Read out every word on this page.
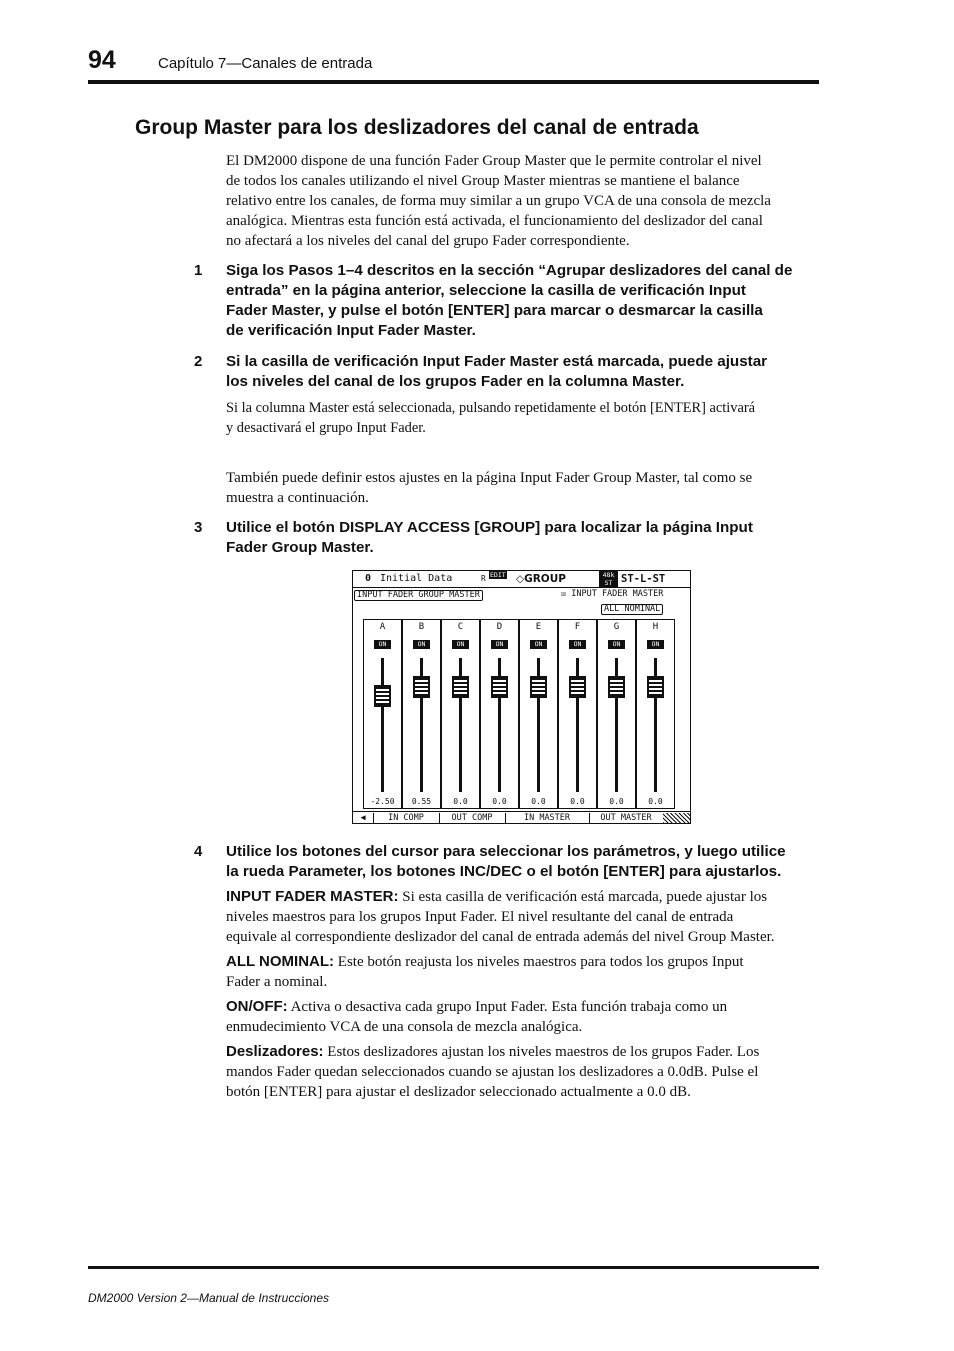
94	Capítulo 7—Canales de entrada
Group Master para los deslizadores del canal de entrada
El DM2000 dispone de una función Fader Group Master que le permite controlar el nivel
de todos los canales utilizando el nivel Group Master mientras se mantiene el balance
relativo entre los canales, de forma muy similar a un grupo VCA de una consola de mezcla
analógica. Mientras esta función está activada, el funcionamiento del deslizador del canal
no afectará a los niveles del canal del grupo Fader correspondiente.
1 Siga los Pasos 1–4 descritos en la sección “Agrupar deslizadores del canal de
entrada” en la página anterior, seleccione la casilla de verificación Input
Fader Master, y pulse el botón [ENTER] para marcar o desmarcar la casilla
de verificación Input Fader Master.
2 Si la casilla de verificación Input Fader Master está marcada, puede ajustar
los niveles del canal de los grupos Fader en la columna Master.
Si la columna Master está seleccionada, pulsando repetidamente el botón [ENTER] activará
y desactivará el grupo Input Fader.
También puede definir estos ajustes en la página Input Fader Group Master, tal como se
muestra a continuación.
3 Utilice el botón DISPLAY ACCESS [GROUP] para localizar la página Input
Fader Group Master.
0 Initial Data	R EDIT ◇GROUP	48k
ST ST-L-ST
INPUT FADER GROUP MASTER	☒ INPUT FADER MASTER
ALL NOMINAL
A
ON
-2.50
B
ON
0.55
C
ON
0.0
D
ON
0.0
E
ON
0.0
F
ON
0.0
G
ON
0.0
H
ON
0.0
◀	IN COMP	OUT COMP	IN MASTER	OUT MASTER
4 Utilice los botones del cursor para seleccionar los parámetros, y luego utilice
la rueda Parameter, los botones INC/DEC o el botón [ENTER] para ajustarlos.
INPUT FADER MASTER: Si esta casilla de verificación está marcada, puede ajustar los
niveles maestros para los grupos Input Fader. El nivel resultante del canal de entrada
equivale al correspondiente deslizador del canal de entrada además del nivel Group Master.
ALL NOMINAL: Este botón reajusta los niveles maestros para todos los grupos Input
Fader a nominal.
ON/OFF: Activa o desactiva cada grupo Input Fader. Esta función trabaja como un
enmudecimiento VCA de una consola de mezcla analógica.
Deslizadores: Estos deslizadores ajustan los niveles maestros de los grupos Fader. Los
mandos Fader quedan seleccionados cuando se ajustan los deslizadores a 0.0dB. Pulse el
botón [ENTER] para ajustar el deslizador seleccionado actualmente a 0.0 dB.
DM2000 Version 2—Manual de Instrucciones
